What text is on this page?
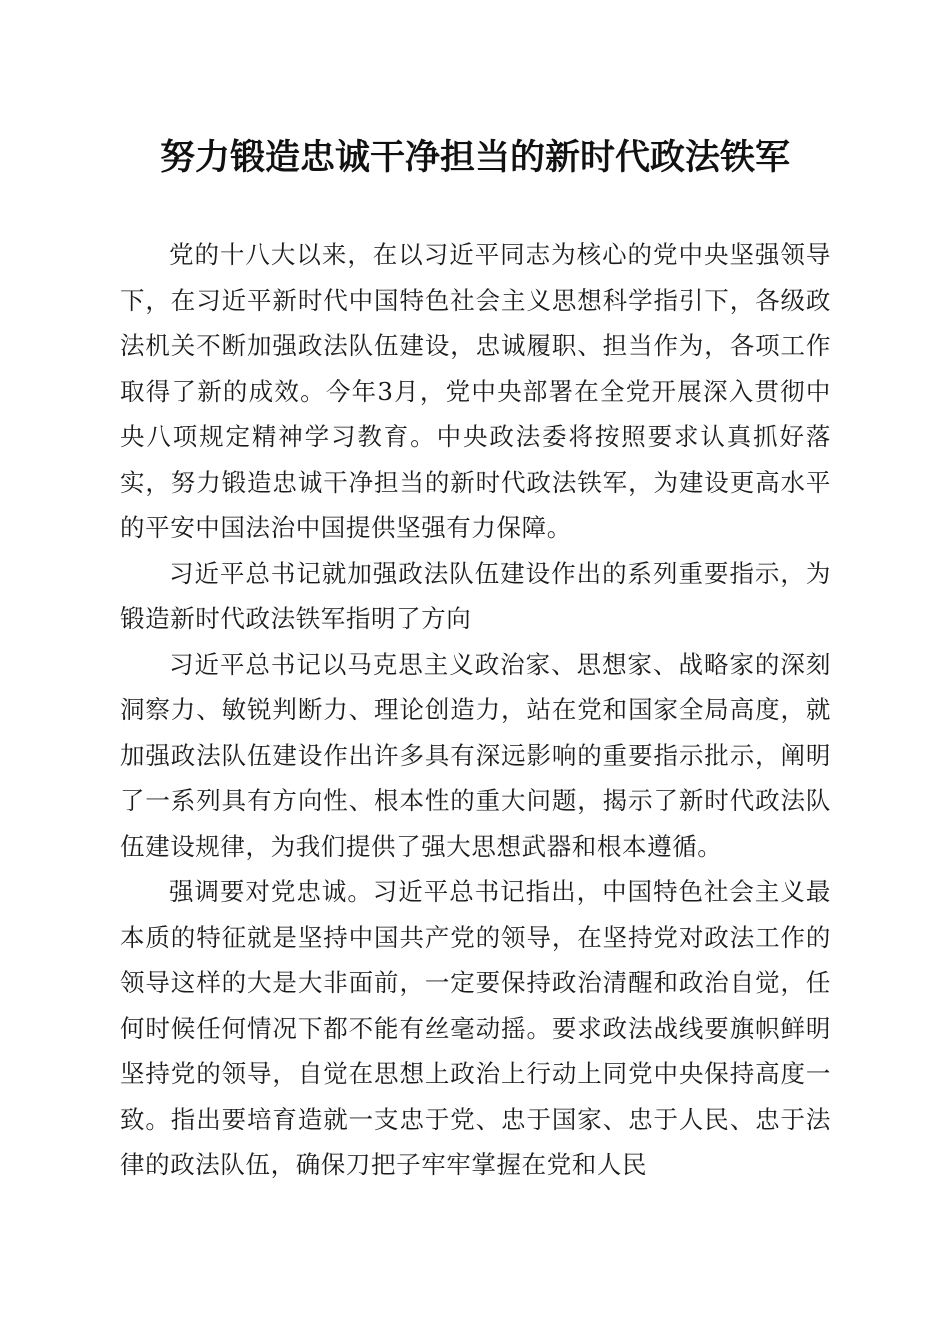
努力锻造忠诚干净担当的新时代政法铁军

党的十八大以来，在以习近平同志为核心的党中央坚强领导下，在习近平新时代中国特色社会主义思想科学指引下，各级政法机关不断加强政法队伍建设，忠诚履职、担当作为，各项工作取得了新的成效。今年3月，党中央部署在全党开展深入贯彻中央八项规定精神学习教育。中央政法委将按照要求认真抓好落实，努力锻造忠诚干净担当的新时代政法铁军，为建设更高水平的平安中国法治中国提供坚强有力保障。

习近平总书记就加强政法队伍建设作出的系列重要指示，为锻造新时代政法铁军指明了方向

习近平总书记以马克思主义政治家、思想家、战略家的深刻洞察力、敏锐判断力、理论创造力，站在党和国家全局高度，就加强政法队伍建设作出许多具有深远影响的重要指示批示，阐明了一系列具有方向性、根本性的重大问题，揭示了新时代政法队伍建设规律，为我们提供了强大思想武器和根本遵循。

强调要对党忠诚。习近平总书记指出，中国特色社会主义最本质的特征就是坚持中国共产党的领导，在坚持党对政法工作的领导这样的大是大非面前，一定要保持政治清醒和政治自觉，任何时候任何情况下都不能有丝毫动摇。要求政法战线要旗帜鲜明坚持党的领导，自觉在思想上政治上行动上同党中央保持高度一致。指出要培育造就一支忠于党、忠于国家、忠于人民、忠于法律的政法队伍，确保刀把子牢牢掌握在党和人民
